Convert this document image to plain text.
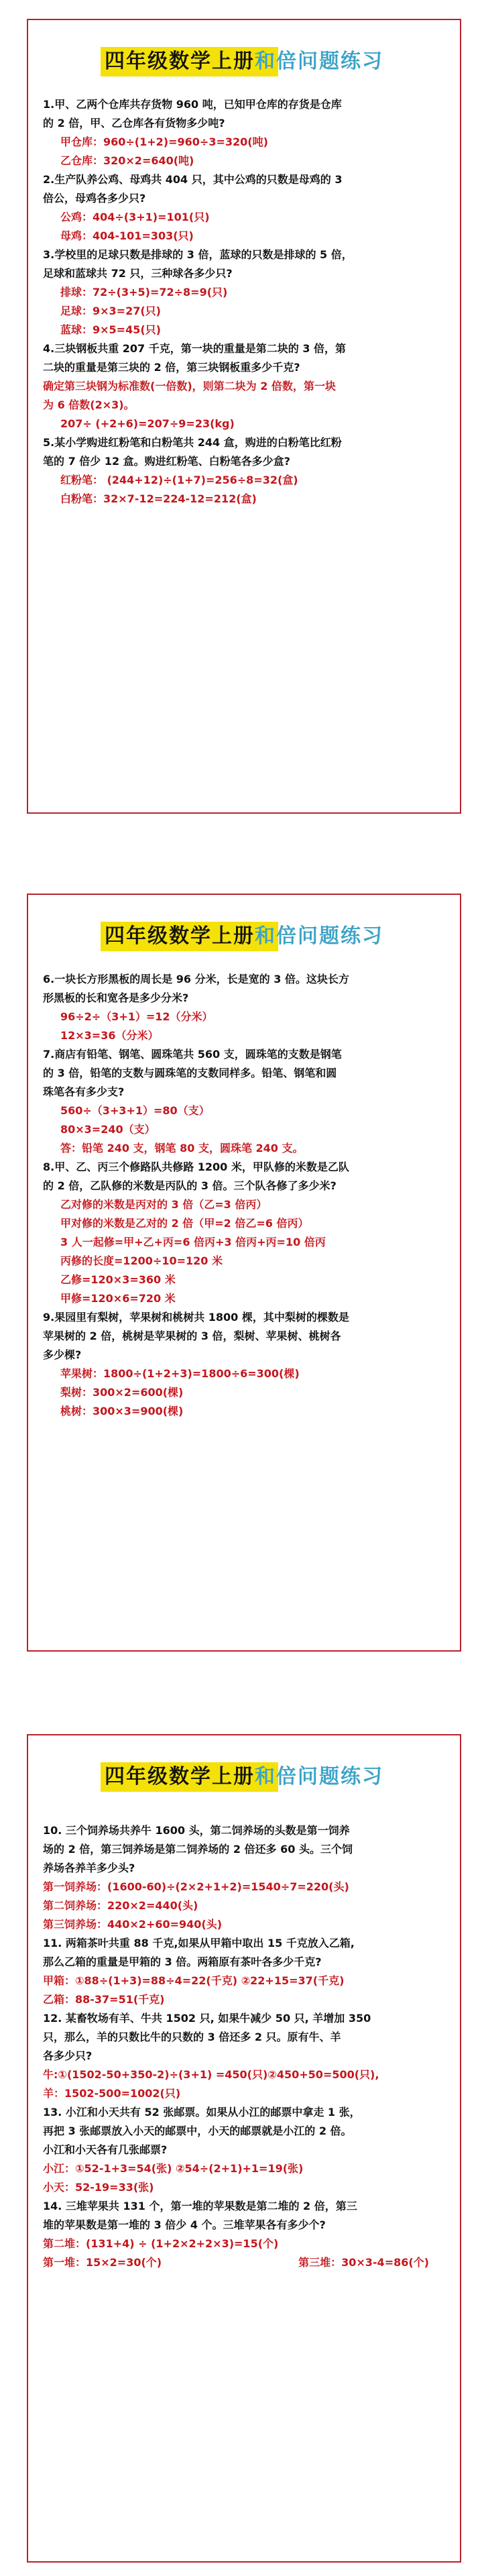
四年级数学上册和倍问题练习

1.甲、乙两个仓库共存货物 960 吨，已知甲仓库的存货是仓库

的 2 倍，甲、乙仓库各有货物多少吨?

甲仓库：960÷(1+2)=960÷3=320(吨)

乙仓库：320×2=640(吨)

2.生产队养公鸡、母鸡共 404 只，其中公鸡的只数是母鸡的 3

倍公，母鸡各多少只?

公鸡：404÷(3+1)=101(只)

母鸡：404-101=303(只)

3.学校里的足球只数是排球的 3 倍，蓝球的只数是排球的 5 倍，

足球和蓝球共 72 只，三种球各多少只?

排球：72÷(3+5)=72÷8=9(只)

足球：9×3=27(只)

蓝球：9×5=45(只)

4.三块钢板共重 207 千克，第一块的重量是第二块的 3 倍，第

二块的重量是第三块的 2 倍，第三块钢板重多少千克?

确定第三块钢为标准数(一倍数)，则第二块为 2 倍数，第一块

为 6 倍数(2×3)。

207÷ (+2+6)=207÷9=23(kg)

5.某小学购进红粉笔和白粉笔共 244 盒，购进的白粉笔比红粉

笔的 7 倍少 12 盒。购进红粉笔、白粉笔各多少盒?

红粉笔： (244+12)÷(1+7)=256÷8=32(盒)

白粉笔：32×7-12=224-12=212(盒)

四年级数学上册和倍问题练习

6.一块长方形黑板的周长是 96 分米，长是宽的 3 倍。这块长方

形黑板的长和宽各是多少分米?

96÷2÷（3+1）=12（分米）

12×3=36（分米）

7.商店有铅笔、钢笔、圆珠笔共 560 支，圆珠笔的支数是钢笔

的 3 倍，铅笔的支数与圆珠笔的支数同样多。铅笔、钢笔和圆

珠笔各有多少支?

560÷（3+3+1）=80（支）

80×3=240（支）

答：铅笔 240 支，钢笔 80 支，圆珠笔 240 支。

8.甲、乙、丙三个修路队共修路 1200 米，甲队修的米数是乙队

的 2 倍，乙队修的米数是丙队的 3 倍。三个队各修了多少米?

乙对修的米数是丙对的 3 倍（乙=3 倍丙）

甲对修的米数是乙对的 2 倍（甲=2 倍乙=6 倍丙）

3 人一起修=甲+乙+丙=6 倍丙+3 倍丙+丙=10 倍丙

丙修的长度=1200÷10=120 米

乙修=120×3=360 米

甲修=120×6=720 米

9.果园里有梨树，苹果树和桃树共 1800 棵，其中梨树的棵数是

苹果树的 2 倍，桃树是苹果树的 3 倍，梨树、苹果树、桃树各

多少棵?

苹果树：1800÷(1+2+3)=1800÷6=300(棵)

梨树：300×2=600(棵)

桃树：300×3=900(棵)

四年级数学上册和倍问题练习

10. 三个饲养场共养牛 1600 头，第二饲养场的头数是第一饲养

场的 2 倍，第三饲养场是第二饲养场的 2 倍还多 60 头。三个饲

养场各养羊多少头?

第一饲养场：(1600-60)÷(2×2+1+2)=1540÷7=220(头)

第二饲养场：220×2=440(头)

第三饲养场：440×2+60=940(头)

11. 两箱茶叶共重 88 千克,如果从甲箱中取出 15 千克放入乙箱,

那么乙箱的重量是甲箱的 3 倍。两箱原有茶叶各多少千克?

甲箱：①88÷(1+3)=88÷4=22(千克) ②22+15=37(千克)

乙箱：88-37=51(千克)

12. 某畜牧场有羊、牛共 1502 只, 如果牛减少 50 只, 羊增加 350

只，那么，羊的只数比牛的只数的 3 倍还多 2 只。原有牛、羊

各多少只?

牛:①(1502-50+350-2)÷(3+1) =450(只)②450+50=500(只),

羊：1502-500=1002(只)

13. 小江和小天共有 52 张邮票。如果从小江的邮票中拿走 1 张，

再把 3 张邮票放入小天的邮票中，小天的邮票就是小江的 2 倍。

小江和小天各有几张邮票?

小江：①52-1+3=54(张) ②54÷(2+1)+1=19(张)

小天：52-19=33(张)

14. 三堆苹果共 131 个，第一堆的苹果数是第二堆的 2 倍，第三

堆的苹果数是第一堆的 3 倍少 4 个。三堆苹果各有多少个?

第二堆：(131+4) ÷ (1+2×2+2×3)=15(个)

第一堆：15×2=30(个)	第三堆：30×3-4=86(个)
